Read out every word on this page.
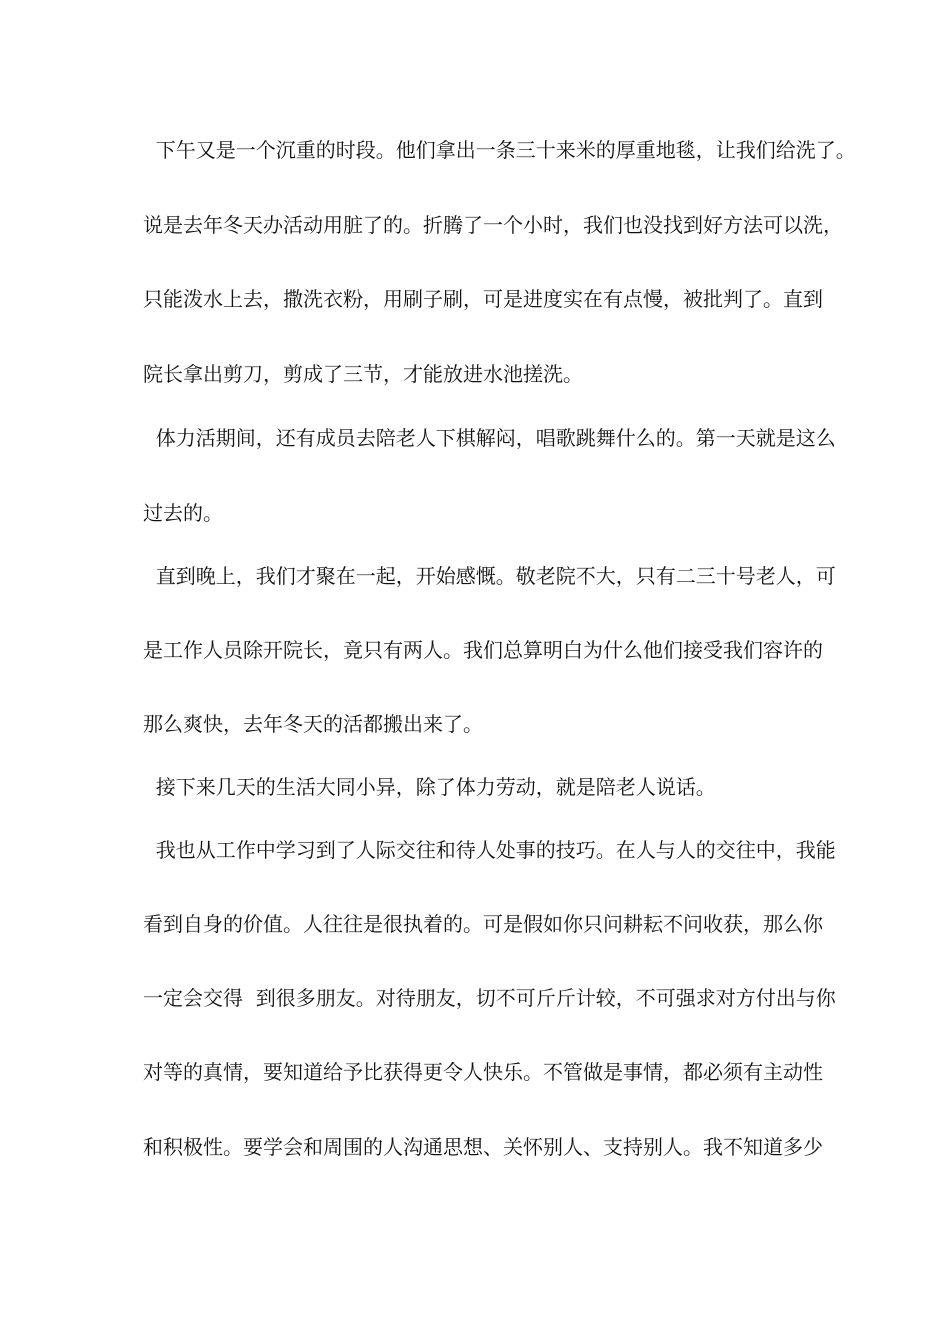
下午又是一个沉重的时段。他们拿出一条三十来米的厚重地毯，让我们给洗了。
说是去年冬天办活动用脏了的。折腾了一个小时，我们也没找到好方法可以洗，
只能泼水上去，撒洗衣粉，用刷子刷，可是进度实在有点慢，被批判了。直到
院长拿出剪刀，剪成了三节，才能放进水池搓洗。
体力活期间，还有成员去陪老人下棋解闷，唱歌跳舞什么的。第一天就是这么
过去的。
直到晚上，我们才聚在一起，开始感慨。敬老院不大，只有二三十号老人，可
是工作人员除开院长，竟只有两人。我们总算明白为什么他们接受我们容许的
那么爽快，去年冬天的活都搬出来了。
接下来几天的生活大同小异，除了体力劳动，就是陪老人说话。
我也从工作中学习到了人际交往和待人处事的技巧。在人与人的交往中，我能
看到自身的价值。人往往是很执着的。可是假如你只问耕耘不问收获，那么你
一定会交得  到很多朋友。对待朋友，切不可斤斤计较，不可强求对方付出与你
对等的真情，要知道给予比获得更令人快乐。不管做是事情，都必须有主动性
和积极性。要学会和周围的人沟通思想、关怀别人、支持别人。我不知道多少
